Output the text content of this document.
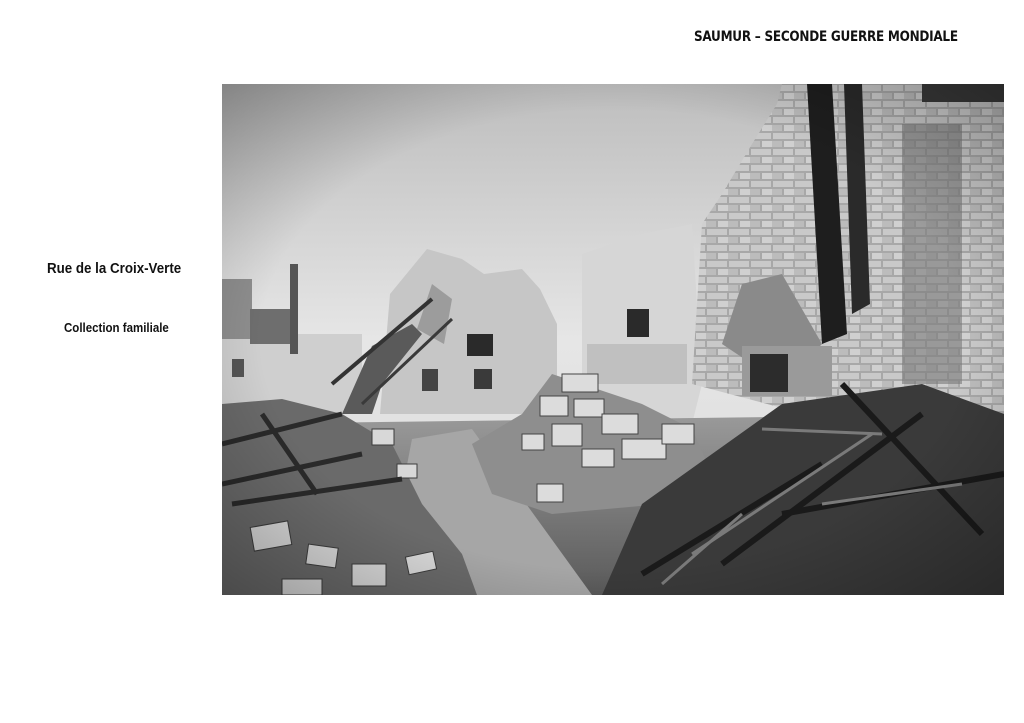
SAUMUR – SECONDE GUERRE MONDIALE
Rue de la Croix-Verte
Collection familiale
